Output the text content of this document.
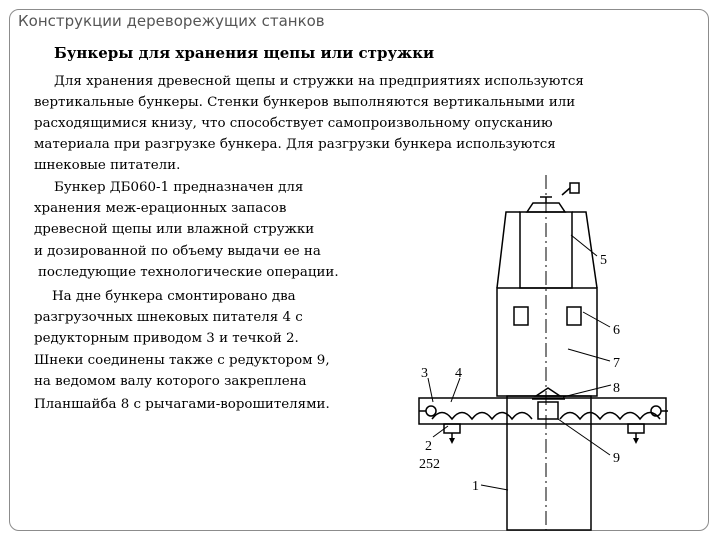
Конструкции дереворежущих станков
Бункеры для хранения щепы или стружки
Для хранения древесной щепы и стружки на предприятиях используются
вертикальные бункеры. Стенки бункеров выполняются вертикальными или
расходящимися книзу, что способствует самопроизвольному опусканию
материала при разгрузке бункера. Для разгрузки бункера используются
шнековые питатели.
Бункер ДБ060-1 предназначен для
хранения меж-ерационных запасов
древесной щепы или влажной стружки
и дозированной по объему выдачи ее на
последующие технологические операции.
На дне бункера смонтировано два
разгрузочных шнековых питателя 4 с
редукторным приводом 3 и течкой 2.
Шнеки соединены также с редуктором 9,
на ведомом валу которого закреплена
Планшайба 8 с рычагами-ворошителями.
5
6
7
8
9
3 4
2
252
1
